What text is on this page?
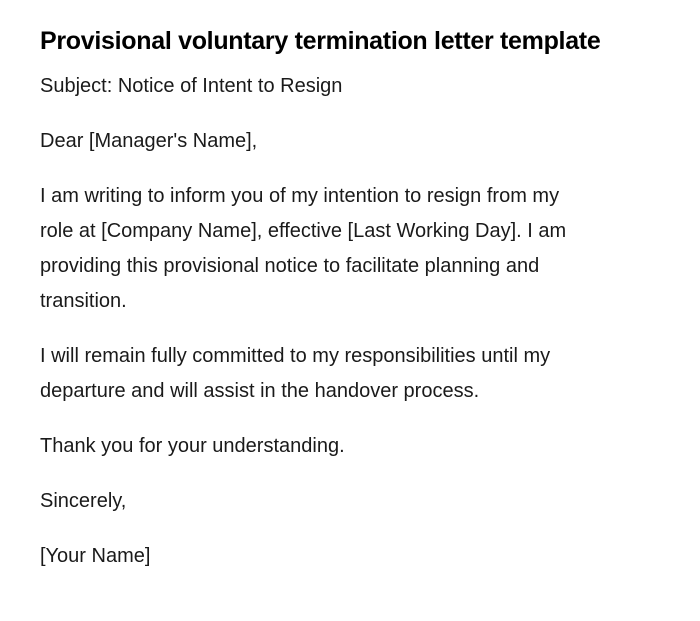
Provisional voluntary termination letter template

Subject: Notice of Intent to Resign

Dear [Manager's Name],

I am writing to inform you of my intention to resign from my

role at [Company Name], effective [Last Working Day]. I am

providing this provisional notice to facilitate planning and

transition.

I will remain fully committed to my responsibilities until my

departure and will assist in the handover process.

Thank you for your understanding.

Sincerely,

[Your Name]
